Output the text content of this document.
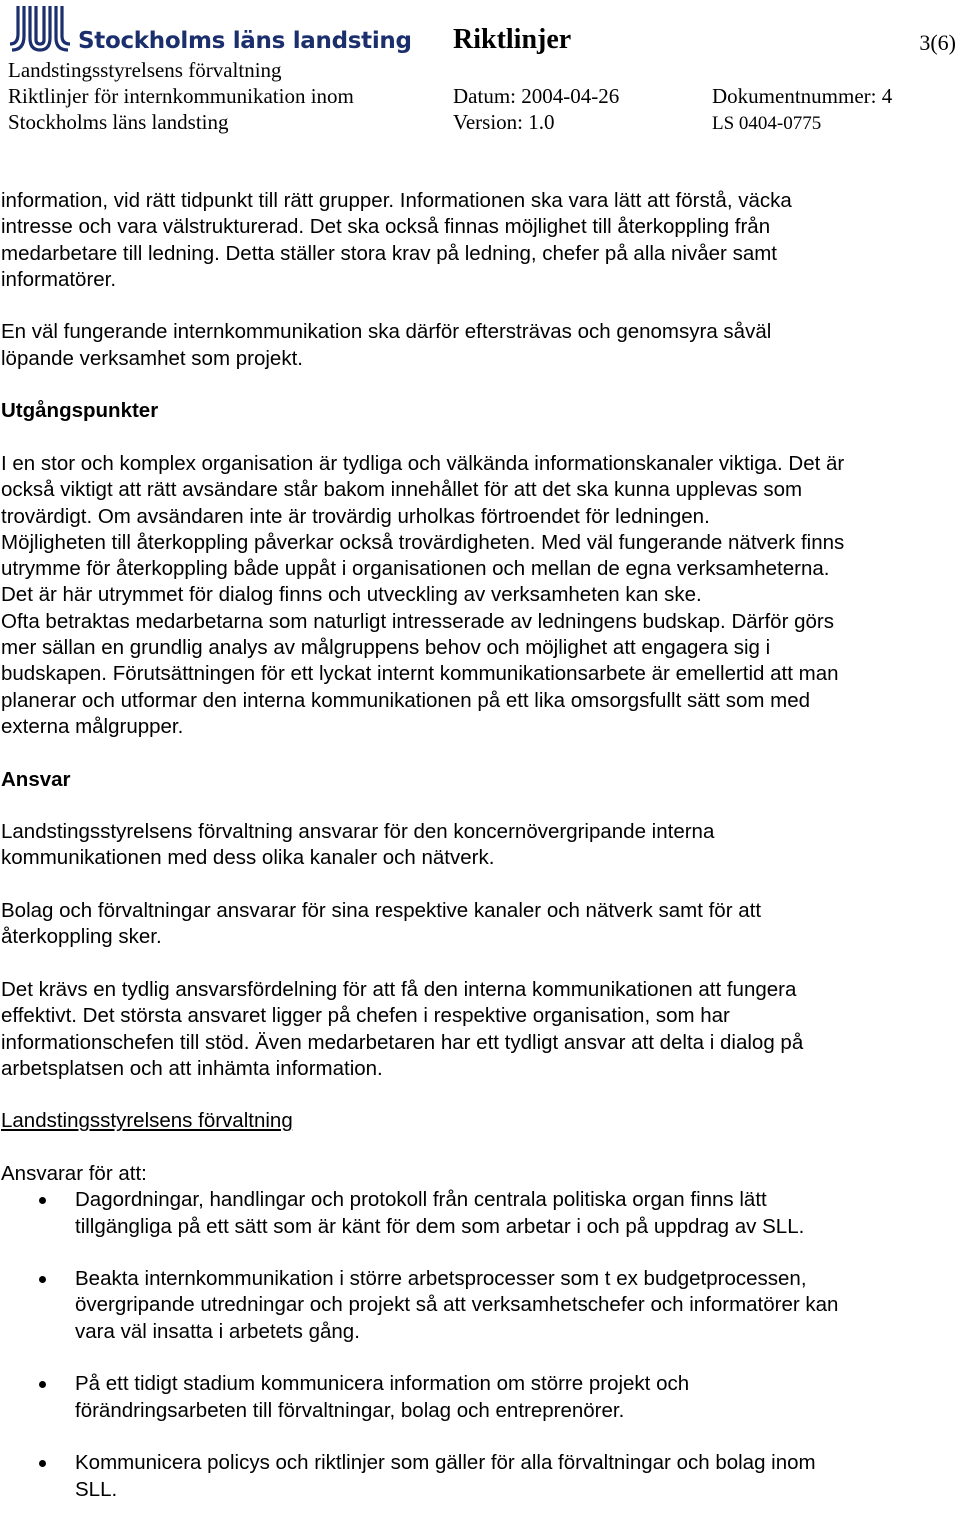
Stockholms läns landsting
Landstingsstyrelsens förvaltning
Riktlinjer för internkommunikation inom
Stockholms läns landsting
Riktlinjer
Datum: 2004-04-26
Version: 1.0
Dokumentnummer: 4
LS 0404-0775
3(6)

information, vid rätt tidpunkt till rätt grupper. Informationen ska vara lätt att förstå, väcka
intresse och vara välstrukturerad. Det ska också finnas möjlighet till återkoppling från
medarbetare till ledning. Detta ställer stora krav på ledning, chefer på alla nivåer samt
informatörer.

En väl fungerande internkommunikation ska därför eftersträvas och genomsyra såväl
löpande verksamhet som projekt.

Utgångspunkter

I en stor och komplex organisation är tydliga och välkända informationskanaler viktiga. Det är
också viktigt att rätt avsändare står bakom innehållet för att det ska kunna upplevas som
trovärdigt. Om avsändaren inte är trovärdig urholkas förtroendet för ledningen.
Möjligheten till återkoppling påverkar också trovärdigheten. Med väl fungerande nätverk finns
utrymme för återkoppling både uppåt i organisationen och mellan de egna verksamheterna.
Det är här utrymmet för dialog finns och utveckling av verksamheten kan ske.
Ofta betraktas medarbetarna som naturligt intresserade av ledningens budskap. Därför görs
mer sällan en grundlig analys av målgruppens behov och möjlighet att engagera sig i
budskapen. Förutsättningen för ett lyckat internt kommunikationsarbete är emellertid att man
planerar och utformar den interna kommunikationen på ett lika omsorgsfullt sätt som med
externa målgrupper.

Ansvar

Landstingsstyrelsens förvaltning ansvarar för den koncernövergripande interna
kommunikationen med dess olika kanaler och nätverk.

Bolag och förvaltningar ansvarar för sina respektive kanaler och nätverk samt för att
återkoppling sker.

Det krävs en tydlig ansvarsfördelning för att få den interna kommunikationen att fungera
effektivt. Det största ansvaret ligger på chefen i respektive organisation, som har
informationschefen till stöd. Även medarbetaren har ett tydligt ansvar att delta i dialog på
arbetsplatsen och att inhämta information.

Landstingsstyrelsens förvaltning

Ansvarar för att:

Dagordningar, handlingar och protokoll från centrala politiska organ finns lätt
tillgängliga på ett sätt som är känt för dem som arbetar i och på uppdrag av SLL.
Beakta internkommunikation i större arbetsprocesser som t ex budgetprocessen,
övergripande utredningar och projekt så att verksamhetschefer och informatörer kan
vara väl insatta i arbetets gång.
På ett tidigt stadium kommunicera information om större projekt och
förändringsarbeten till förvaltningar, bolag och entreprenörer.
Kommunicera policys och riktlinjer som gäller för alla förvaltningar och bolag inom
SLL.
